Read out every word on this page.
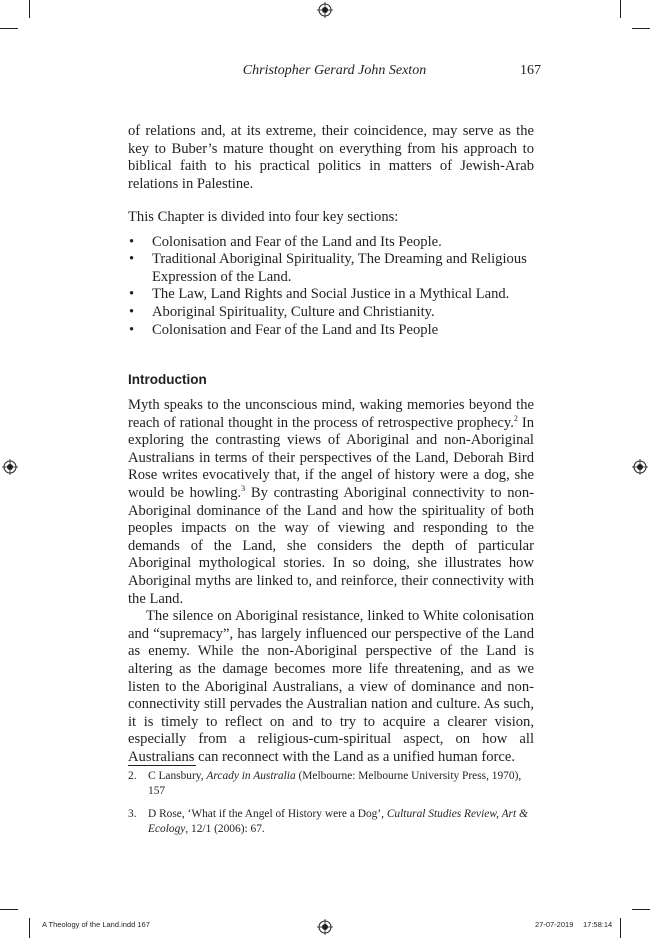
Christopher Gerard John Sexton	167

of relations and, at its extreme, their coincidence, may serve as the key to Buber’s mature thought on everything from his approach to biblical faith to his practical politics in matters of Jewish-Arab relations in Palestine.

This Chapter is divided into four key sections:

• Colonisation and Fear of the Land and Its People.
• Traditional Aboriginal Spirituality, The Dreaming and Religious Expression of the Land.
• The Law, Land Rights and Social Justice in a Mythical Land.
• Aboriginal Spirituality, Culture and Christianity.
• Colonisation and Fear of the Land and Its People
Introduction

Myth speaks to the unconscious mind, waking memories beyond the reach of rational thought in the process of retrospective prophecy.$^2$ In exploring the contrasting views of Aboriginal and non-Aboriginal Australians in terms of their perspectives of the Land, Deborah Bird Rose writes evocatively that, if the angel of history were a dog, she would be howling.$^3$ By contrasting Aboriginal connectivity to non-Aboriginal dominance of the Land and how the spirituality of both peoples impacts on the way of viewing and responding to the demands of the Land, she considers the depth of particular Aboriginal mythological stories. In so doing, she illustrates how Aboriginal myths are linked to, and reinforce, their connectivity with the Land.

The silence on Aboriginal resistance, linked to White colonisation and “supremacy”, has largely influenced our perspective of the Land as enemy. While the non-Aboriginal perspective of the Land is altering as the damage becomes more life threatening, and as we listen to the Aboriginal Australians, a view of dominance and non-connectivity still pervades the Australian nation and culture. As such, it is timely to reflect on and to try to acquire a clearer vision, especially from a religious-cum-spiritual aspect, on how all Australians can reconnect with the Land as a unified human force.

2. C Lansbury, Arcady in Australia (Melbourne: Melbourne University Press, 1970), 157

3. D Rose, ‘What if the Angel of History were a Dog’, Cultural Studies Review, Art & Ecology, 12/1 (2006): 67.

A Theology of the Land.indd 167	27-07-2019 17:58:14
